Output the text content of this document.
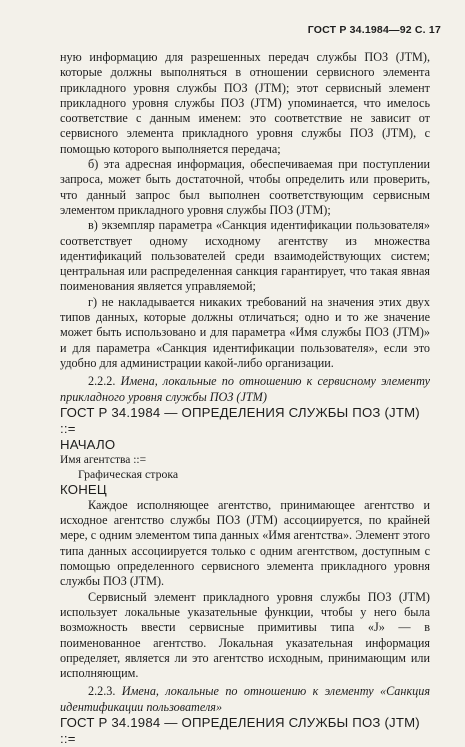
ГОСТ Р 34.1984—92 С. 17

ную информацию для разрешенных передач службы ПОЗ (JTM), которые должны выполняться в отношении сервисного элемента прикладного уровня службы ПОЗ (JTM); этот сервисный элемент прикладного уровня службы ПОЗ (JTM) упоминается, что имелось соответствие с данным именем: это соответствие не зависит от сервисного элемента прикладного уровня службы ПОЗ (JTM), с помощью которого выполняется передача;

б) эта адресная информация, обеспечиваемая при поступлении запроса, может быть достаточной, чтобы определить или проверить, что данный запрос был выполнен соответствующим сервисным элементом прикладного уровня службы ПОЗ (JTM);

в) экземпляр параметра «Санкция идентификации пользователя» соответствует одному исходному агентству из множества идентификаций пользователей среди взаимодействующих систем; центральная или распределенная санкция гарантирует, что такая явная поименования является управляемой;

г) не накладывается никаких требований на значения этих двух типов данных, которые должны отличаться; одно и то же значение может быть использовано и для параметра «Имя службы ПОЗ (JTM)» и для параметра «Санкция идентификации пользователя», если это удобно для администрации какой-либо организации.

2.2.2. Имена, локальные по отношению к сервисному элементу прикладного уровня службы ПОЗ (JTM)

ГОСТ Р 34.1984 — ОПРЕДЕЛЕНИЯ СЛУЖБЫ ПОЗ (JTM) ::=

НАЧАЛО

Имя агентства ::=

Графическая строка

КОНЕЦ

Каждое исполняющее агентство, принимающее агентство и исходное агентство службы ПОЗ (JTM) ассоциируется, по крайней мере, с одним элементом типа данных «Имя агентства». Элемент этого типа данных ассоциируется только с одним агентством, доступным с помощью определенного сервисного элемента прикладного уровня службы ПОЗ (JTM).

Сервисный элемент прикладного уровня службы ПОЗ (JTM) использует локальные указательные функции, чтобы у него была возможность ввести сервисные примитивы типа «J» — в поименованное агентство. Локальная указательная информация определяет, является ли это агентство исходным, принимающим или исполняющим.

2.2.3. Имена, локальные по отношению к элементу «Санкция идентификации пользователя»

ГОСТ Р 34.1984 — ОПРЕДЕЛЕНИЯ СЛУЖБЫ ПОЗ (JTM) ::=
